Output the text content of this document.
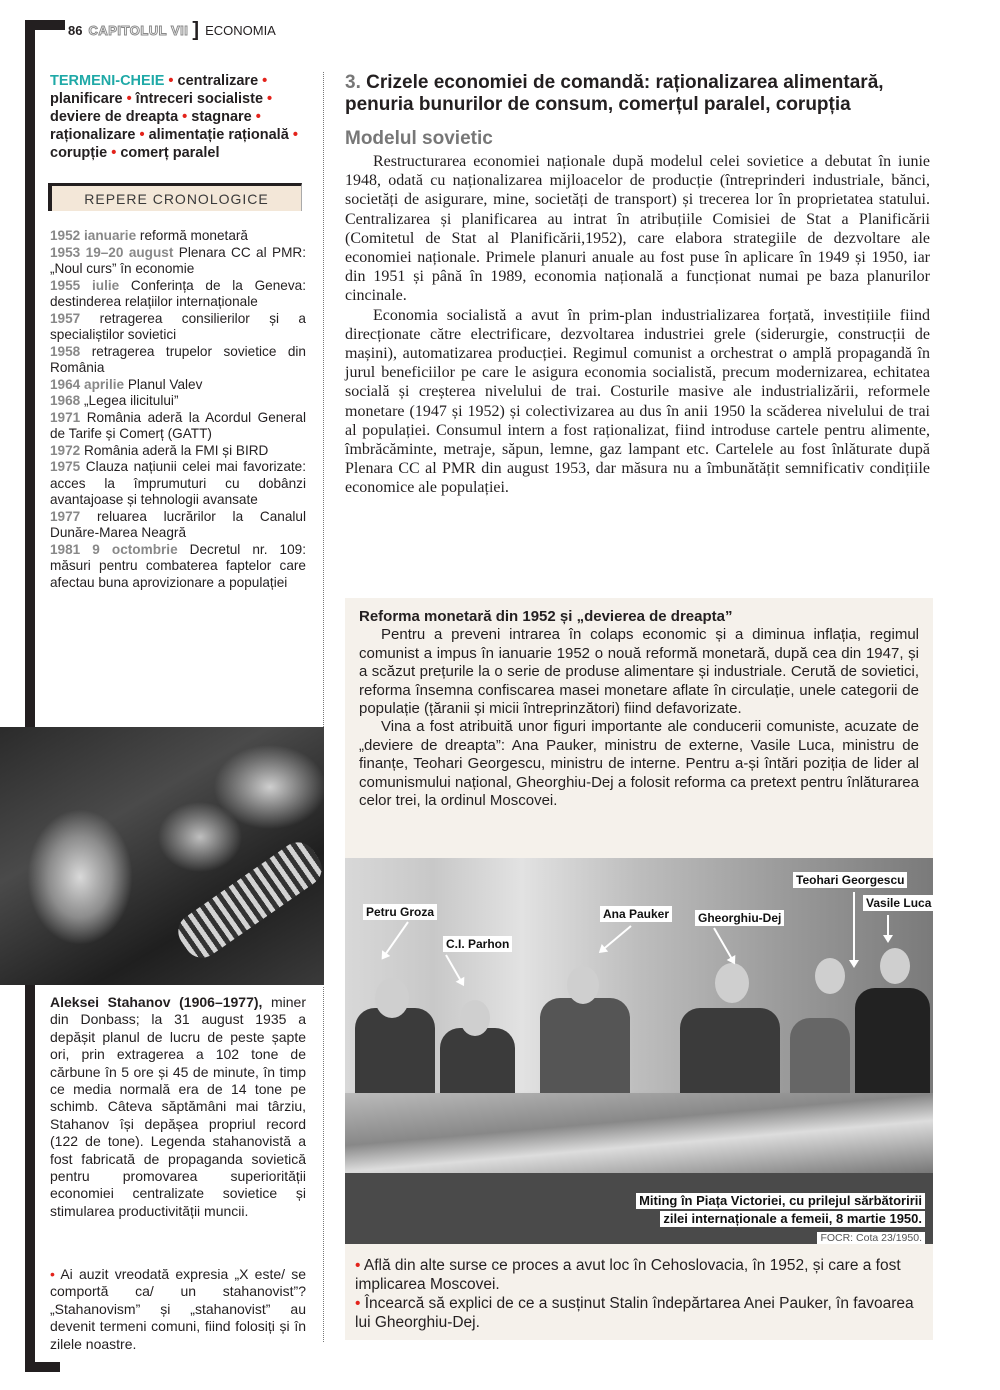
86 CAPITOLUL VII ] ECONOMIA
TERMENI-CHEIE • centralizare • planificare • întreceri socialiste • deviere de dreapta • stagnare • raționalizare • alimentație rațională • corupție • comerț paralel
REPERE CRONOLOGICE
1952 ianuarie reformă monetară
1953 19–20 august Plenara CC al PMR: „Noul curs” în economie
1955 iulie Conferința de la Geneva: destinderea relațiilor internaționale
1957 retragerea consilierilor și a specialiștilor sovietici
1958 retragerea trupelor sovietice din România
1964 aprilie Planul Valev
1968 „Legea ilicitului”
1971 România aderă la Acordul General de Tarife și Comerț (GATT)
1972 România aderă la FMI și BIRD
1975 Clauza națiunii celei mai favorizate: acces la împrumuturi cu dobânzi avantajoase și tehnologii avansate
1977 reluarea lucrărilor la Canalul Dunăre-Marea Neagră
1981 9 octombrie Decretul nr. 109: măsuri pentru combaterea faptelor care afectau buna aprovizionare a populației
Aleksei Stahanov (1906–1977), miner din Donbass; la 31 august 1935 a depășit planul de lucru de peste șapte ori, prin extragerea a 102 tone de cărbune în 5 ore și 45 de minute, în timp ce media normală era de 14 tone pe schimb. Câteva săptămâni mai târziu, Stahanov își depășea propriul record (122 de tone). Legenda stahanovistă a fost fabricată de propaganda sovietică pentru promovarea superiorității economiei centralizate sovietice și stimularea productivității muncii.
• Ai auzit vreodată expresia „X este/ se comportă ca/ un stahanovist”? „Stahanovism” și „stahanovist” au devenit termeni comuni, fiind folosiți și în zilele noastre.
3. Crizele economiei de comandă: raționalizarea alimentară, penuria bunurilor de consum, comerțul paralel, corupția
Modelul sovietic

Restructurarea economiei naționale după modelul celei sovietice a debutat în iunie 1948, odată cu naționalizarea mijloacelor de producție (întreprinderi industriale, bănci, societăți de asigurare, mine, societăți de transport) și trecerea lor în proprietatea statului. Centralizarea și planificarea au intrat în atribuțiile Comisiei de Stat a Planificării (Comitetul de Stat al Planificării,1952), care elabora strategiile de dezvoltare ale economiei naționale. Primele planuri anuale au fost puse în aplicare în 1949 și 1950, iar din 1951 și până în 1989, economia națională a funcționat numai pe baza planurilor cincinale.

Economia socialistă a avut în prim-plan industrializarea forțată, investițiile fiind direcționate către electrificare, dezvoltarea industriei grele (siderurgie, construcții de mașini), automatizarea producției. Regimul comunist a orchestrat o amplă propagandă în jurul beneficiilor pe care le asigura economia socialistă, precum modernizarea, echitatea socială și creșterea nivelului de trai. Costurile masive ale industrializării, reformele monetare (1947 și 1952) și colectivizarea au dus în anii 1950 la scăderea nivelului de trai al populației. Consumul intern a fost raționalizat, fiind introduse cartele pentru alimente, îmbrăcăminte, metraje, săpun, lemne, gaz lampant etc. Cartelele au fost înlăturate după Plenara CC al PMR din august 1953, dar măsura nu a îmbunătățit semnificativ condițiile economice ale populației.

Reforma monetară din 1952 și „devierea de dreapta”

Pentru a preveni intrarea în colaps economic și a diminua inflația, regimul comunist a impus în ianuarie 1952 o nouă reformă monetară, după cea din 1947, și a scăzut prețurile la o serie de produse alimentare și industriale. Cerută de sovietici, reforma însemna confiscarea masei monetare aflate în circulație, unele categorii de populație (țăranii și micii întreprinzători) fiind defavorizate.

Vina a fost atribuită unor figuri importante ale conducerii comuniste, acuzate de „deviere de dreapta”: Ana Pauker, ministru de externe, Vasile Luca, ministru de finanțe, Teohari Georgescu, ministru de interne. Pentru a-și întări poziția de lider al comunismului național, Gheorghiu-Dej a folosit reforma ca pretext pentru înlăturarea celor trei, la ordinul Moscovei.

Petru Groza
C.I. Parhon
Ana Pauker Gheorghiu-Dej
Teohari Georgescu
Vasile Luca
Miting în Piața Victoriei, cu prilejul sărbătoririi
zilei internaționale a femeii, 8 martie 1950.
FOCR: Cota 23/1950.
• Află din alte surse ce proces a avut loc în Cehoslovacia, în 1952, și care a fost implicarea Moscovei.
• Încearcă să explici de ce a susținut Stalin îndepărtarea Anei Pauker, în favoarea lui Gheorghiu-Dej.
